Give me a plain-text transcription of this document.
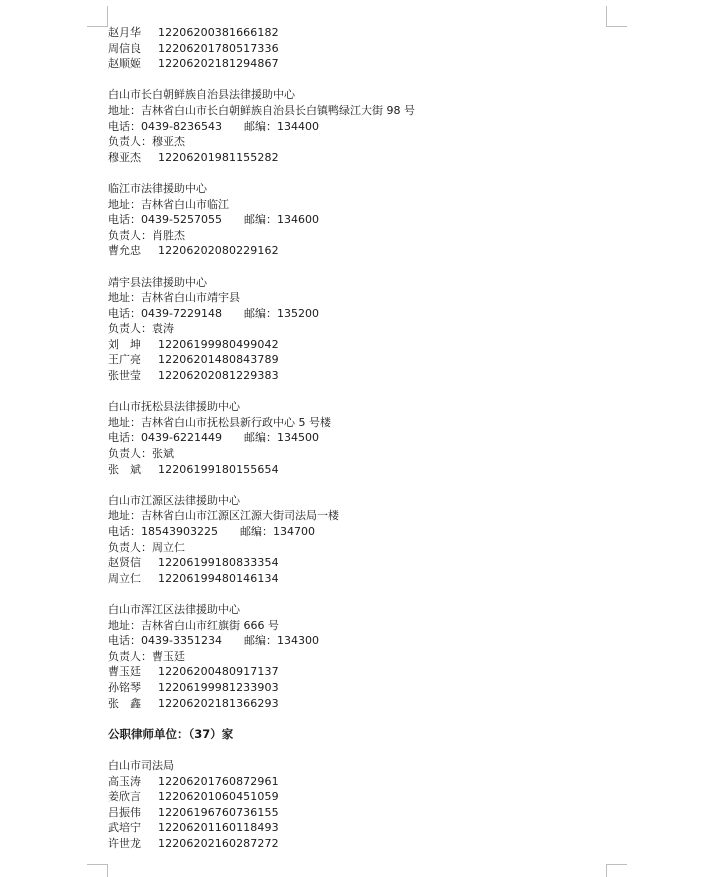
赵月华 12206200381666182
周信良 12206201780517336
赵顺姬 12206202181294867
白山市长白朝鲜族自治县法律援助中心
地址：吉林省白山市长白朝鲜族自治县长白镇鸭绿江大街 98 号
电话：0439-8236543 邮编：134400
负责人：穆亚杰
穆亚杰 12206201981155282
临江市法律援助中心
地址：吉林省白山市临江
电话：0439-5257055 邮编：134600
负责人：肖胜杰
曹允忠 12206202080229162
靖宇县法律援助中心
地址：吉林省白山市靖宇县
电话：0439-7229148 邮编：135200
负责人：袁涛
刘　坤 12206199980499042
王广亮 12206201480843789
张世莹 12206202081229383
白山市抚松县法律援助中心
地址：吉林省白山市抚松县新行政中心 5 号楼
电话：0439-6221449 邮编：134500
负责人：张斌
张　斌 12206199180155654
白山市江源区法律援助中心
地址：吉林省白山市江源区江源大街司法局一楼
电话：18543903225 邮编：134700
负责人：周立仁
赵贤信 12206199180833354
周立仁 12206199480146134
白山市浑江区法律援助中心
地址：吉林省白山市红旗街 666 号
电话：0439-3351234 邮编：134300
负责人：曹玉廷
曹玉廷 12206200480917137
孙铭琴 12206199981233903
张　鑫 12206202181366293
公职律师单位：（37）家
白山市司法局
高玉涛 12206201760872961
姜欣言 12206201060451059
吕振伟 12206196760736155
武培宁 12206201160118493
许世龙 12206202160287272
